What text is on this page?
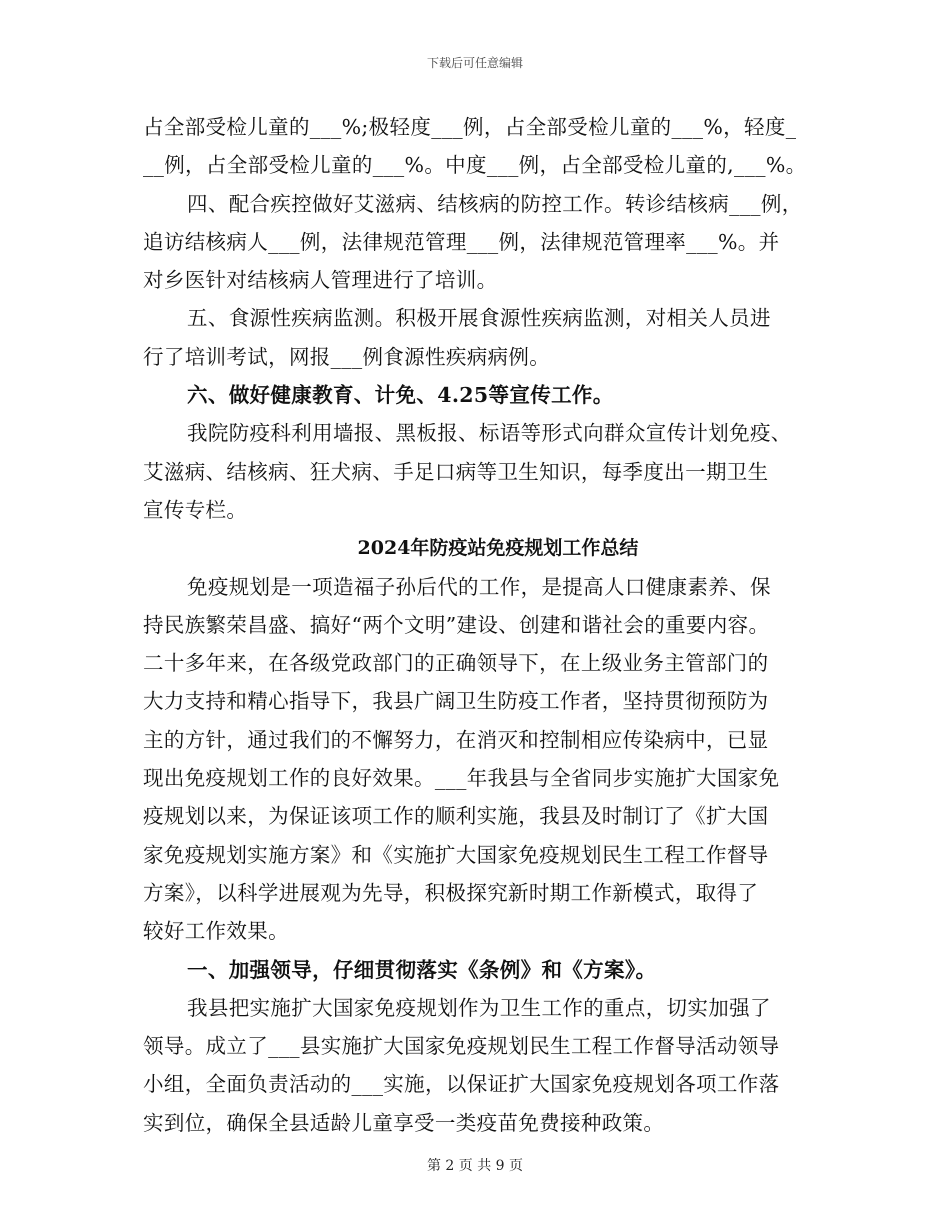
下载后可任意编辑
占全部受检儿童的___%;极轻度___例，占全部受检儿童的___%，轻度_
__例，占全部受检儿童的___%。中度___例，占全部受检儿童的,___%。
四、配合疾控做好艾滋病、结核病的防控工作。转诊结核病___例，
追访结核病人___例，法律规范管理___例，法律规范管理率___%。并
对乡医针对结核病人管理进行了培训。
五、食源性疾病监测。积极开展食源性疾病监测，对相关人员进
行了培训考试，网报___例食源性疾病病例。
六、做好健康教育、计免、4.25等宣传工作。
我院防疫科利用墙报、黑板报、标语等形式向群众宣传计划免疫、
艾滋病、结核病、狂犬病、手足口病等卫生知识，每季度出一期卫生
宣传专栏。
2024年防疫站免疫规划工作总结
免疫规划是一项造福子孙后代的工作，是提高人口健康素养、保
持民族繁荣昌盛、搞好“两个文明”建设、创建和谐社会的重要内容。
二十多年来，在各级党政部门的正确领导下，在上级业务主管部门的
大力支持和精心指导下，我县广阔卫生防疫工作者，坚持贯彻预防为
主的方针，通过我们的不懈努力，在消灭和控制相应传染病中，已显
现出免疫规划工作的良好效果。___年我县与全省同步实施扩大国家免
疫规划以来，为保证该项工作的顺利实施，我县及时制订了《扩大国
家免疫规划实施方案》和《实施扩大国家免疫规划民生工程工作督导
方案》，以科学进展观为先导，积极探究新时期工作新模式，取得了
较好工作效果。
一、加强领导，仔细贯彻落实《条例》和《方案》。
我县把实施扩大国家免疫规划作为卫生工作的重点，切实加强了
领导。成立了___县实施扩大国家免疫规划民生工程工作督导活动领导
小组，全面负责活动的___实施，以保证扩大国家免疫规划各项工作落
实到位，确保全县适龄儿童享受一类疫苗免费接种政策。
第 2 页 共 9 页
